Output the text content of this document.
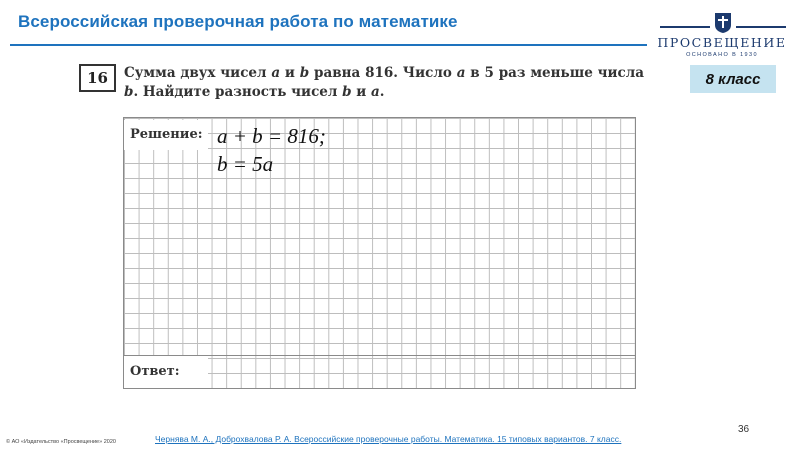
Всероссийская проверочная работа по математике
ПРОСВЕЩЕНИЕ
ОСНОВАНО В 1930
16	Сумма двух чисел a и b равна 816. Число a в 5 раз меньше числа b. Найдите разность чисел b и a.
8 класс
Решение: a + b = 816;
b = 5a
Ответ:
36
Чернява М. А., Доброхвалова Р. А. Всероссийские проверочные работы. Математика. 15 типовых вариантов. 7 класс.
© АО «Издательство «Просвещение» 2020
